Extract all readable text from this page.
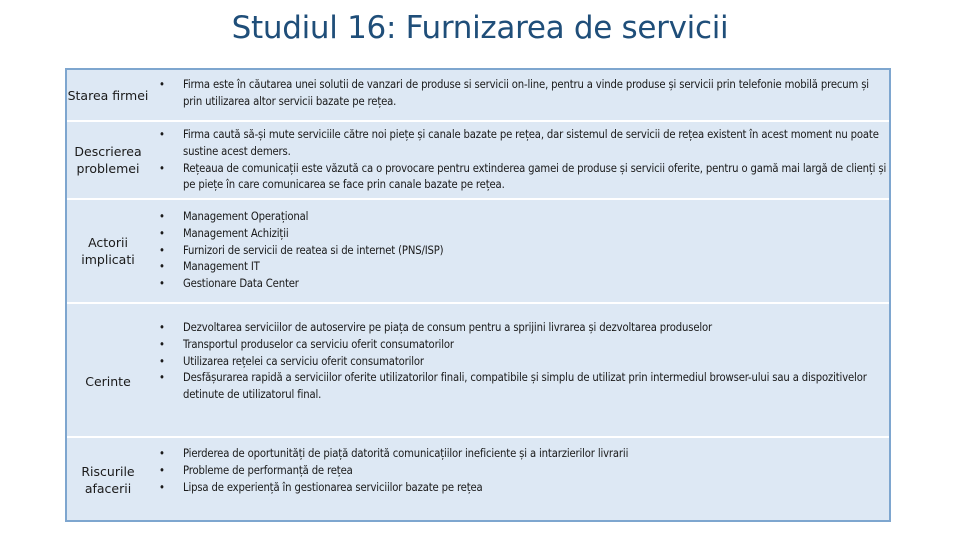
Studiul 16: Furnizarea de servicii
Starea firmei
•	Firma este în căutarea unei solutii de vanzari de produse si servicii on-line, pentru a vinde produse și servicii prin telefonie mobilă precum și prin utilizarea altor servicii bazate pe rețea.
Descrierea problemei
•	Firma caută să-și mute serviciile către noi piețe și canale bazate pe rețea, dar sistemul de servicii de rețea existent în acest moment nu poate sustine acest demers.
•	Rețeaua de comunicații este văzută ca o provocare pentru extinderea gamei de produse și servicii oferite, pentru o gamă mai largă de clienți și pe piețe în care comunicarea se face prin canale bazate pe rețea.
Actorii implicati
•	Management Operațional
•	Management Achiziții
•	Furnizori de servicii de reatea si de internet (PNS/ISP)
•	Management IT
•	Gestionare Data Center
Cerinte
•	Dezvoltarea serviciilor de autoservire pe piața de consum pentru a sprijini livrarea și dezvoltarea produselor
•	Transportul produselor ca serviciu oferit consumatorilor
•	Utilizarea rețelei ca serviciu oferit consumatorilor
•	Desfășurarea rapidă a serviciilor oferite utilizatorilor finali, compatibile și simplu de utilizat prin intermediul browser-ului sau a dispozitivelor detinute de utilizatorul final.
Riscurile afacerii
•	Pierderea de oportunități de piață datorită comunicațiilor ineficiente și a intarzierilor livrarii
•	Probleme de performanță de rețea
•	Lipsa de experiență în gestionarea serviciilor bazate pe rețea
